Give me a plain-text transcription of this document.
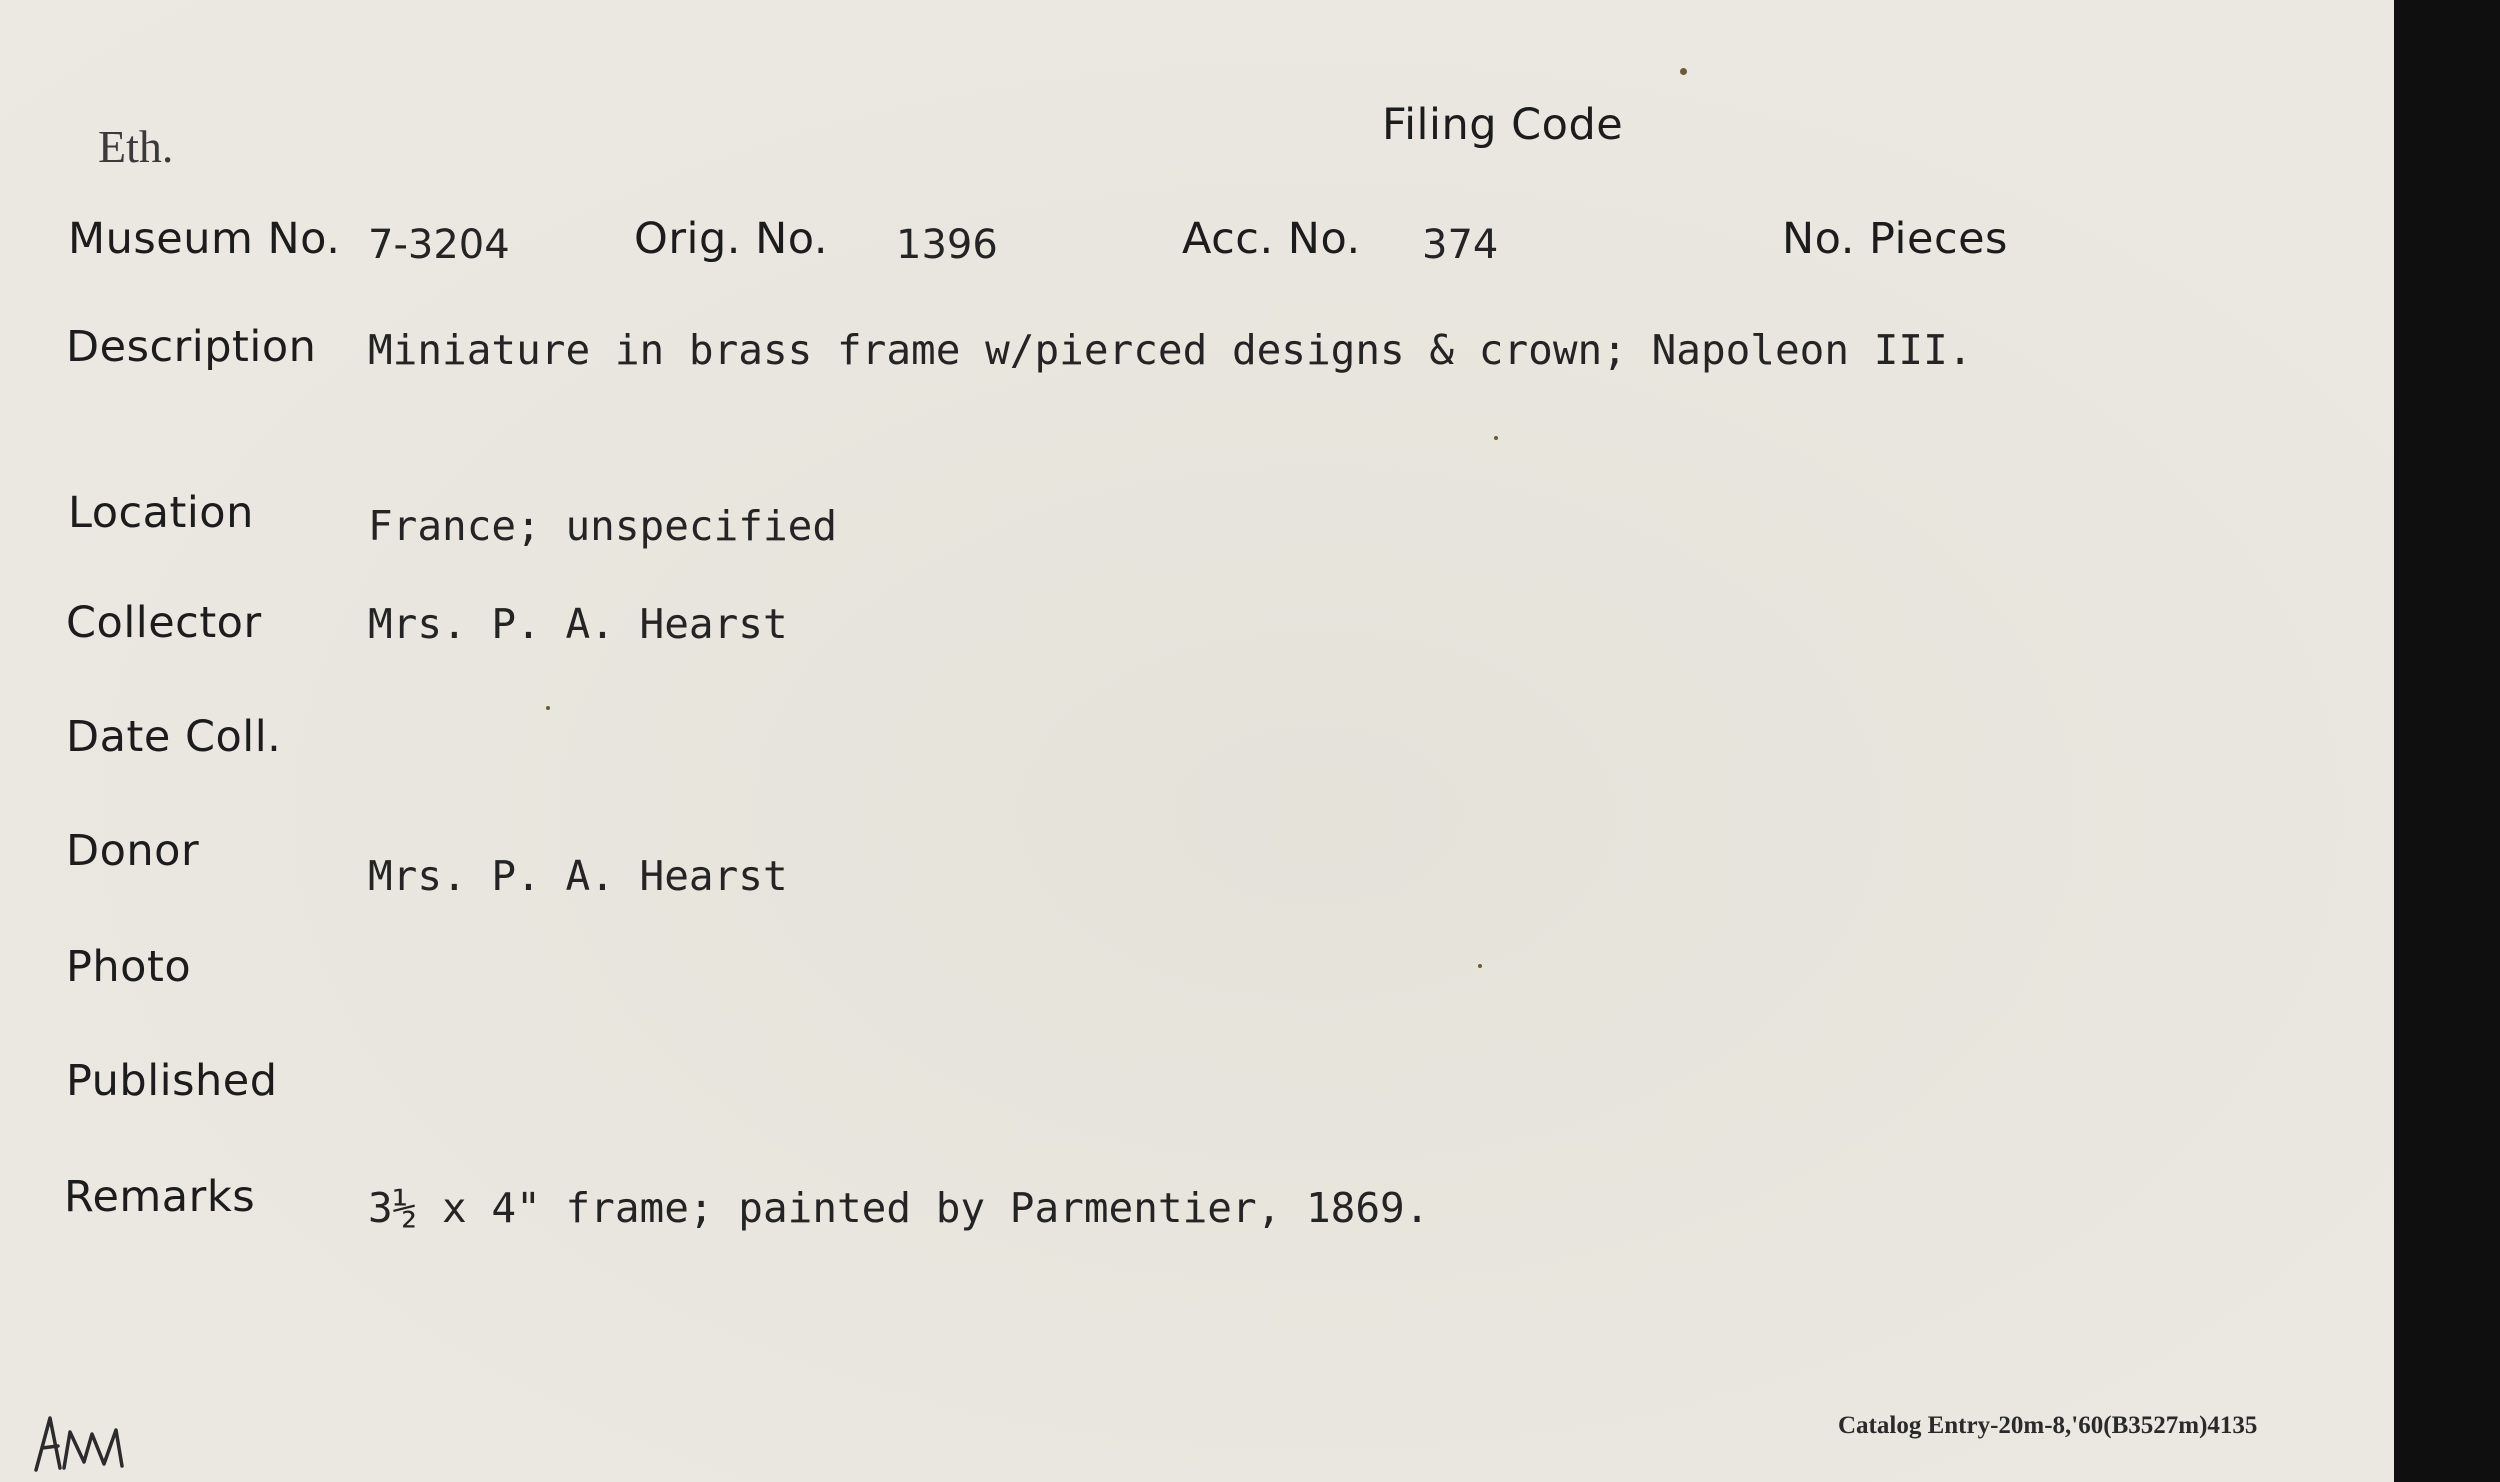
Eth.	Filing Code
Museum No. 7-3204	Orig. No. 1396	Acc. No. 374	No. Pieces
Description Miniature in brass frame w/pierced designs & crown; Napoleon III.
Location	France; unspecified
Collector	Mrs. P. A. Hearst
Date Coll.
Donor	Mrs. P. A. Hearst
Photo
Published
Remarks	3½ x 4" frame; painted by Parmentier, 1869.
Catalog Entry-20m-8,'60(B3527m)4135
